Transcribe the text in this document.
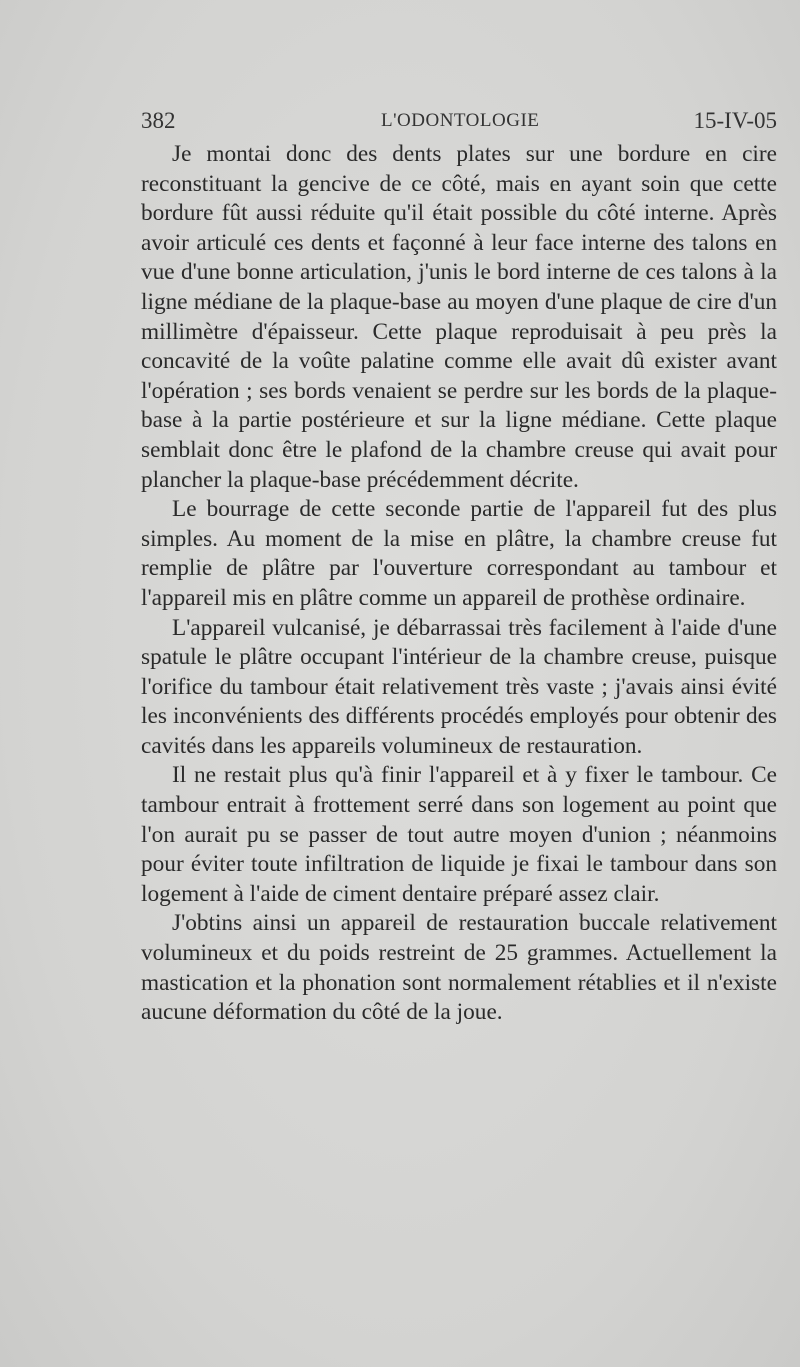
382	L'ODONTOLOGIE	15-IV-05

Je montai donc des dents plates sur une bordure en cire reconstituant la gencive de ce côté, mais en ayant soin que cette bordure fût aussi réduite qu'il était possible du côté interne. Après avoir articulé ces dents et façonné à leur face interne des talons en vue d'une bonne articulation, j'unis le bord interne de ces talons à la ligne médiane de la plaque-base au moyen d'une plaque de cire d'un millimètre d'épaisseur. Cette plaque reproduisait à peu près la concavité de la voûte palatine comme elle avait dû exister avant l'opération ; ses bords venaient se perdre sur les bords de la plaque-base à la partie postérieure et sur la ligne médiane. Cette plaque semblait donc être le plafond de la chambre creuse qui avait pour plancher la plaque-base précédemment décrite.

Le bourrage de cette seconde partie de l'appareil fut des plus simples. Au moment de la mise en plâtre, la chambre creuse fut remplie de plâtre par l'ouverture correspondant au tambour et l'appareil mis en plâtre comme un appareil de prothèse ordinaire.

L'appareil vulcanisé, je débarrassai très facilement à l'aide d'une spatule le plâtre occupant l'intérieur de la chambre creuse, puisque l'orifice du tambour était relativement très vaste ; j'avais ainsi évité les inconvénients des différents procédés employés pour obtenir des cavités dans les appareils volumineux de restauration.

Il ne restait plus qu'à finir l'appareil et à y fixer le tambour. Ce tambour entrait à frottement serré dans son logement au point que l'on aurait pu se passer de tout autre moyen d'union ; néanmoins pour éviter toute infiltration de liquide je fixai le tambour dans son logement à l'aide de ciment dentaire préparé assez clair.

J'obtins ainsi un appareil de restauration buccale relativement volumineux et du poids restreint de 25 grammes. Actuellement la mastication et la phonation sont normalement rétablies et il n'existe aucune déformation du côté de la joue.
